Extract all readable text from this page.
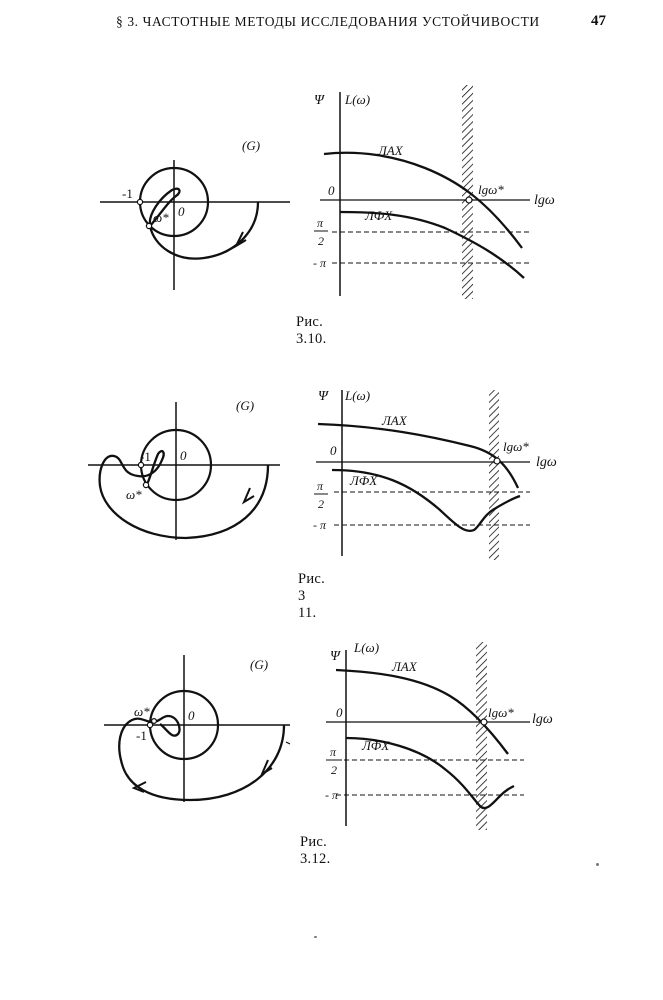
§ 3. ЧАСТОТНЫЕ МЕТОДЫ ИССЛЕДОВАНИЯ УСТОЙЧИВОСТИ	47
(G)
-1
0
ω*
Ψ L(ω)
ЛАХ
ЛФХ
0
π
2
- π
lgω*
lgω
Рис. 3.10.
(G)
-1 0
ω*
Ψ L(ω)
ЛАХ
ЛФХ
0
π
2
- π
lgω*
lgω
Рис. 3 11.
(G)
-1
0
ω*
Ψ
L(ω)
ЛАХ
ЛФХ
0
π
2
- π
lgω* lgω
Рис. 3.12.
